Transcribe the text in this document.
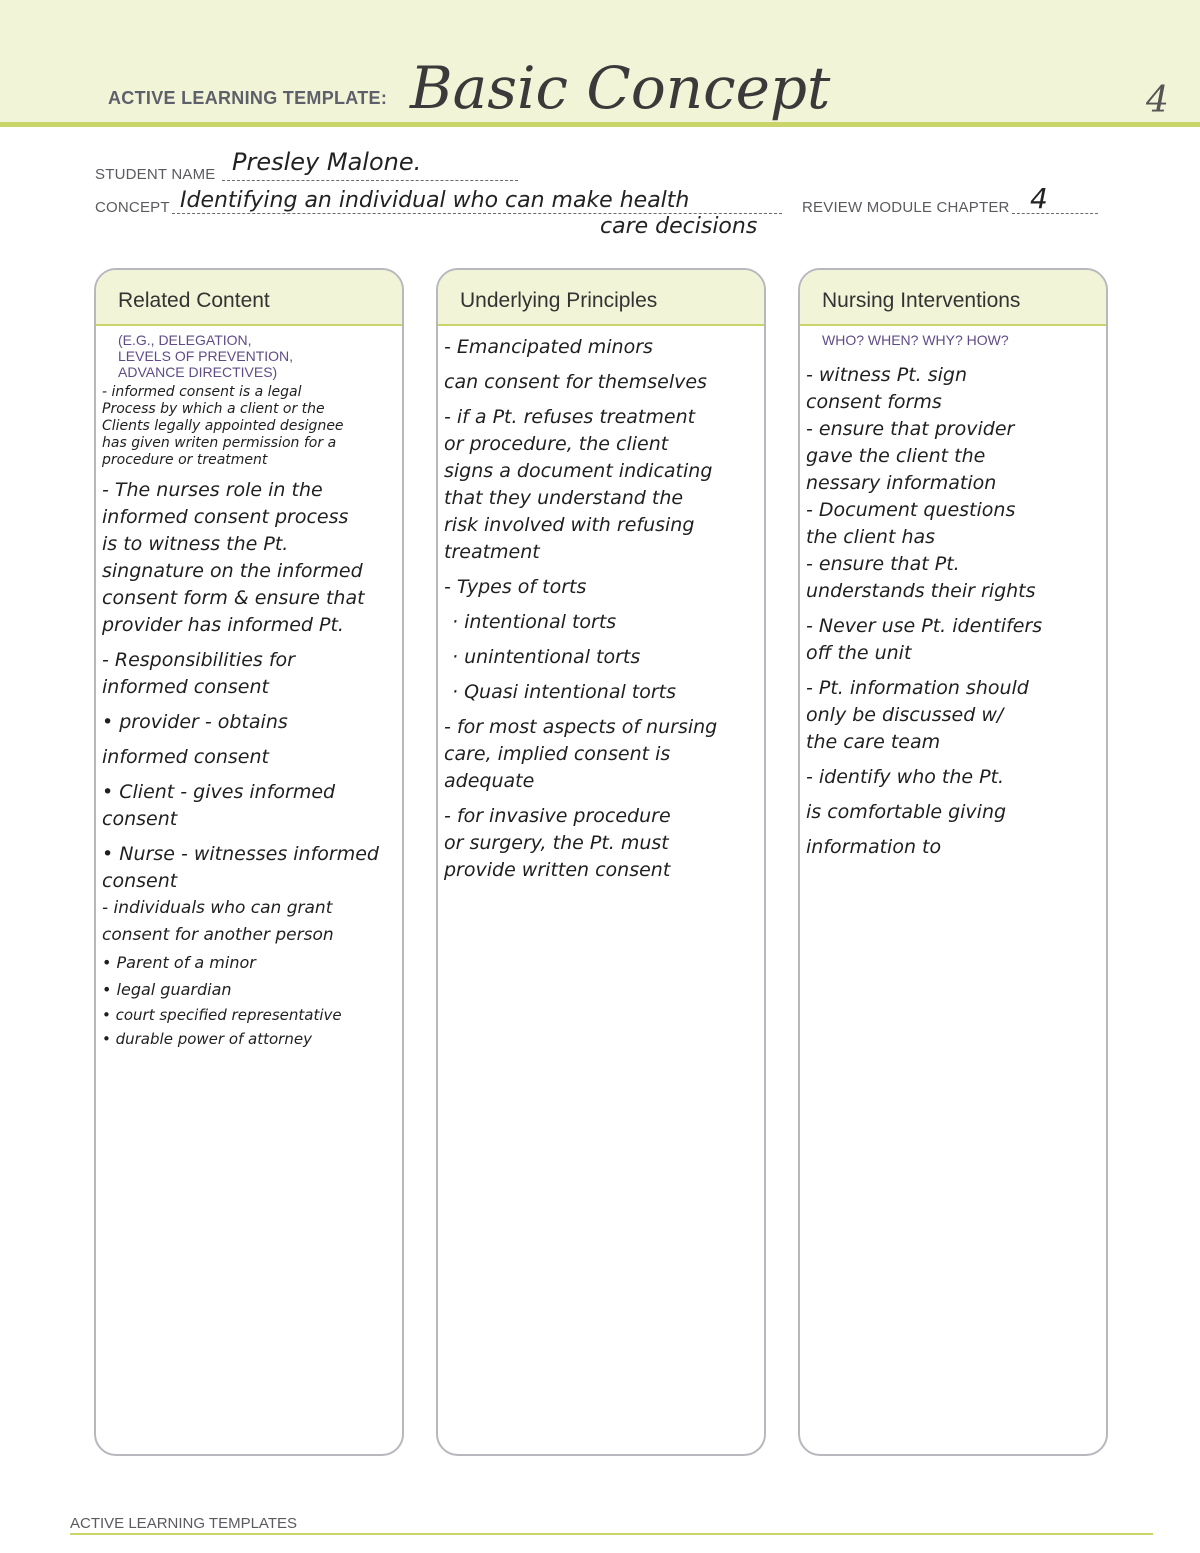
ACTIVE LEARNING TEMPLATE: Basic Concept	4
STUDENT NAME Presley Malone.
CONCEPT Identifying an individual who can make health
care decisions
REVIEW MODULE CHAPTER 4
Related Content
(E.G., DELEGATION,
LEVELS OF PREVENTION,
ADVANCE DIRECTIVES)

- informed consent is a legal

Process by which a client or the

Clients legally appointed designee

has given writen permission for a

procedure or treatment

- The nurses role in the

informed consent process

is to witness the Pt.

singnature on the informed

consent form & ensure that

provider has informed Pt.

- Responsibilities for

informed consent

• provider - obtains

informed consent

• Client - gives informed

consent

• Nurse - witnesses informed

consent

- individuals who can grant

consent for another person

• Parent of a minor

• legal guardian

• court specified representative

• durable power of attorney

Underlying Principles

- Emancipated minors

can consent for themselves

- if a Pt. refuses treatment

or procedure, the client

signs a document indicating

that they understand the

risk involved with refusing

treatment

- Types of torts

· intentional torts

· unintentional torts

· Quasi intentional torts

- for most aspects of nursing

care, implied consent is

adequate

- for invasive procedure

or surgery, the Pt. must

provide written consent

Nursing Interventions
WHO? WHEN? WHY? HOW?

- witness Pt. sign

consent forms

- ensure that provider

gave the client the

nessary information

- Document questions

the client has

- ensure that Pt.

understands their rights

- Never use Pt. identifers

off the unit

- Pt. information should

only be discussed w/

the care team

- identify who the Pt.

is comfortable giving

information to

ACTIVE LEARNING TEMPLATES
